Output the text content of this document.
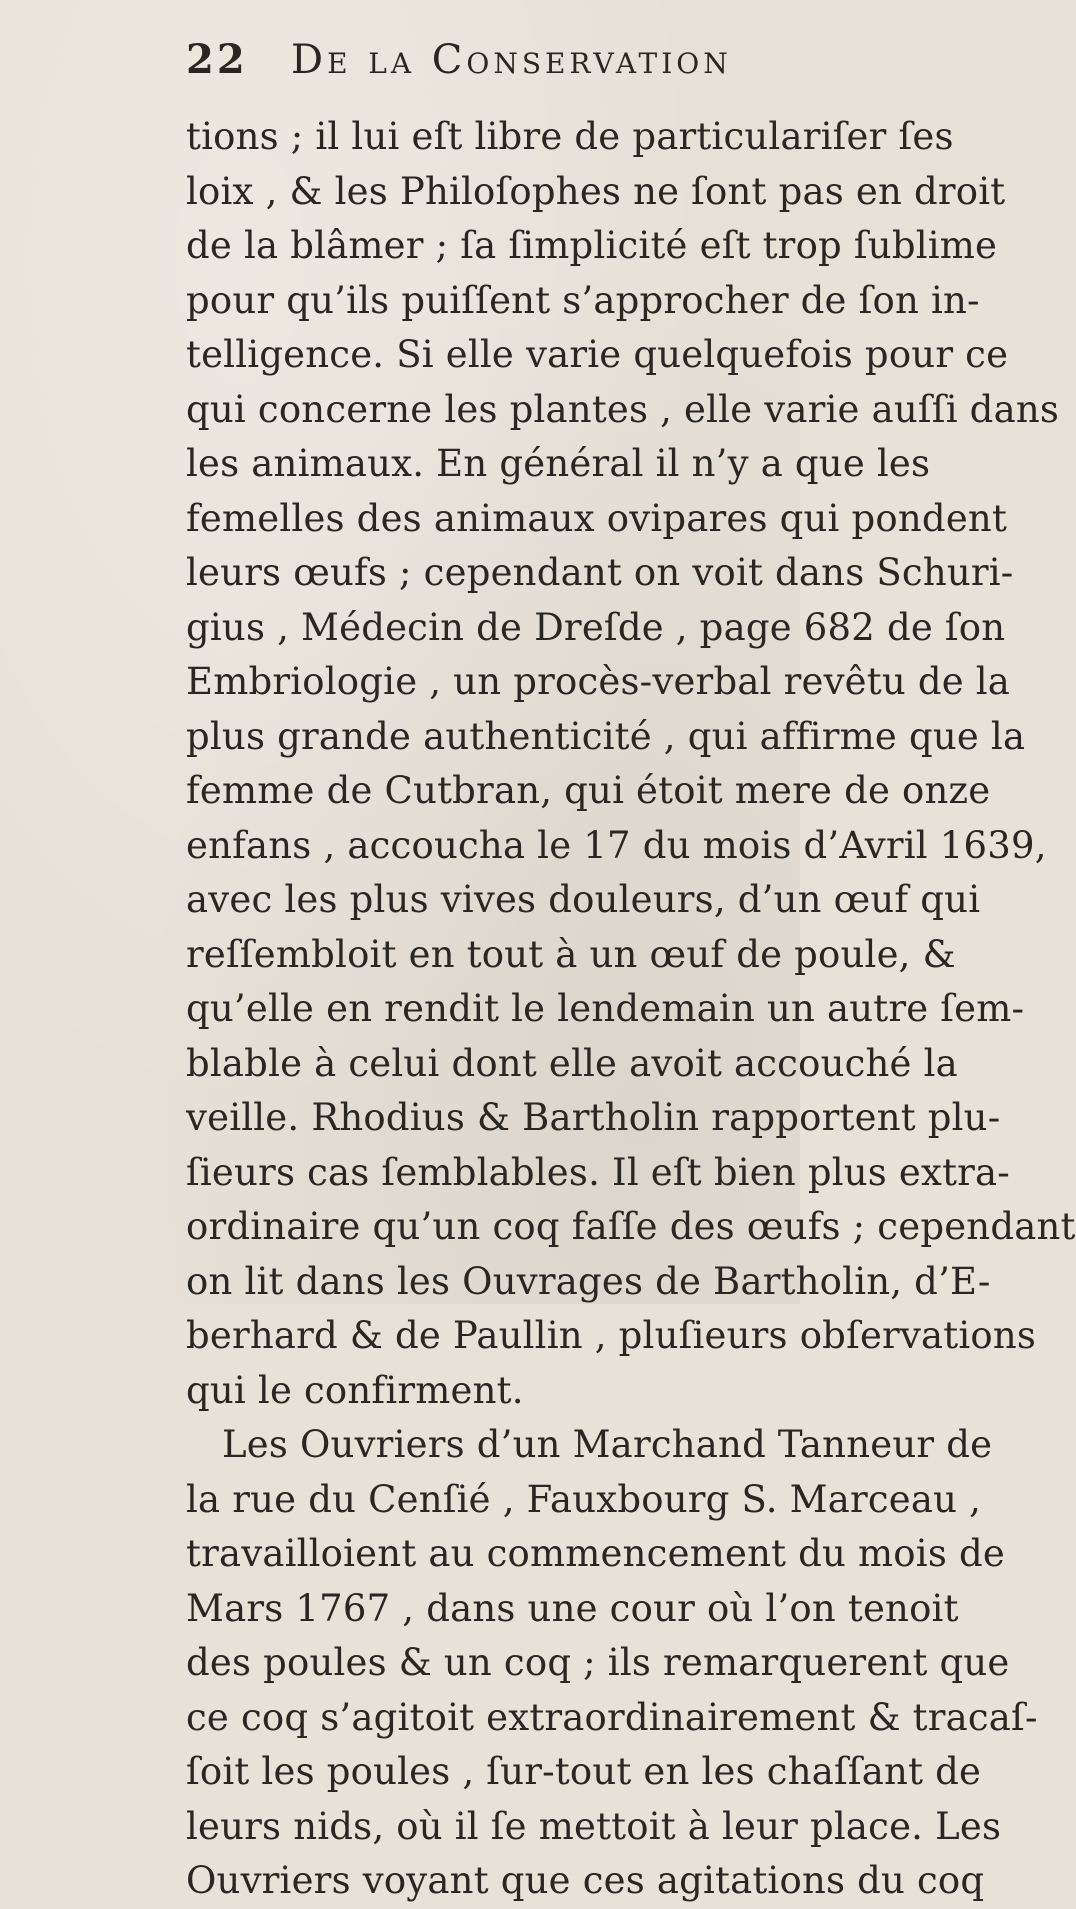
22 De la Conservation
tions ; il lui eſt libre de particulariſer ſes
loix , & les Philoſophes ne ſont pas en droit
de la blâmer ; ſa ſimplicité eſt trop ſublime
pour qu’ils puiſſent s’approcher de ſon in-
telligence. Si elle varie quelquefois pour ce
qui concerne les plantes , elle varie auſſi dans
les animaux. En général il n’y a que les
femelles des animaux ovipares qui pondent
leurs œufs ; cependant on voit dans Schuri-
gius , Médecin de Dreſde , page 682 de ſon
Embriologie , un procès-verbal revêtu de la
plus grande authenticité , qui affirme que la
femme de Cutbran, qui étoit mere de onze
enfans , accoucha le 17 du mois d’Avril 1639,
avec les plus vives douleurs, d’un œuf qui
reſſembloit en tout à un œuf de poule, &
qu’elle en rendit le lendemain un autre ſem-
blable à celui dont elle avoit accouché la
veille. Rhodius & Bartholin rapportent plu-
ſieurs cas ſemblables. Il eſt bien plus extra-
ordinaire qu’un coq faſſe des œufs ; cependant
on lit dans les Ouvrages de Bartholin, d’E-
berhard & de Paullin , pluſieurs obſervations
qui le confirment.
Les Ouvriers d’un Marchand Tanneur de
la rue du Cenſié , Fauxbourg S. Marceau ,
travailloient au commencement du mois de
Mars 1767 , dans une cour où l’on tenoit
des poules & un coq ; ils remarquerent que
ce coq s’agitoit extraordinairement & tracaſ-
ſoit les poules , ſur-tout en les chaſſant de
leurs nids, où il ſe mettoit à leur place. Les
Ouvriers voyant que ces agitations du coq
